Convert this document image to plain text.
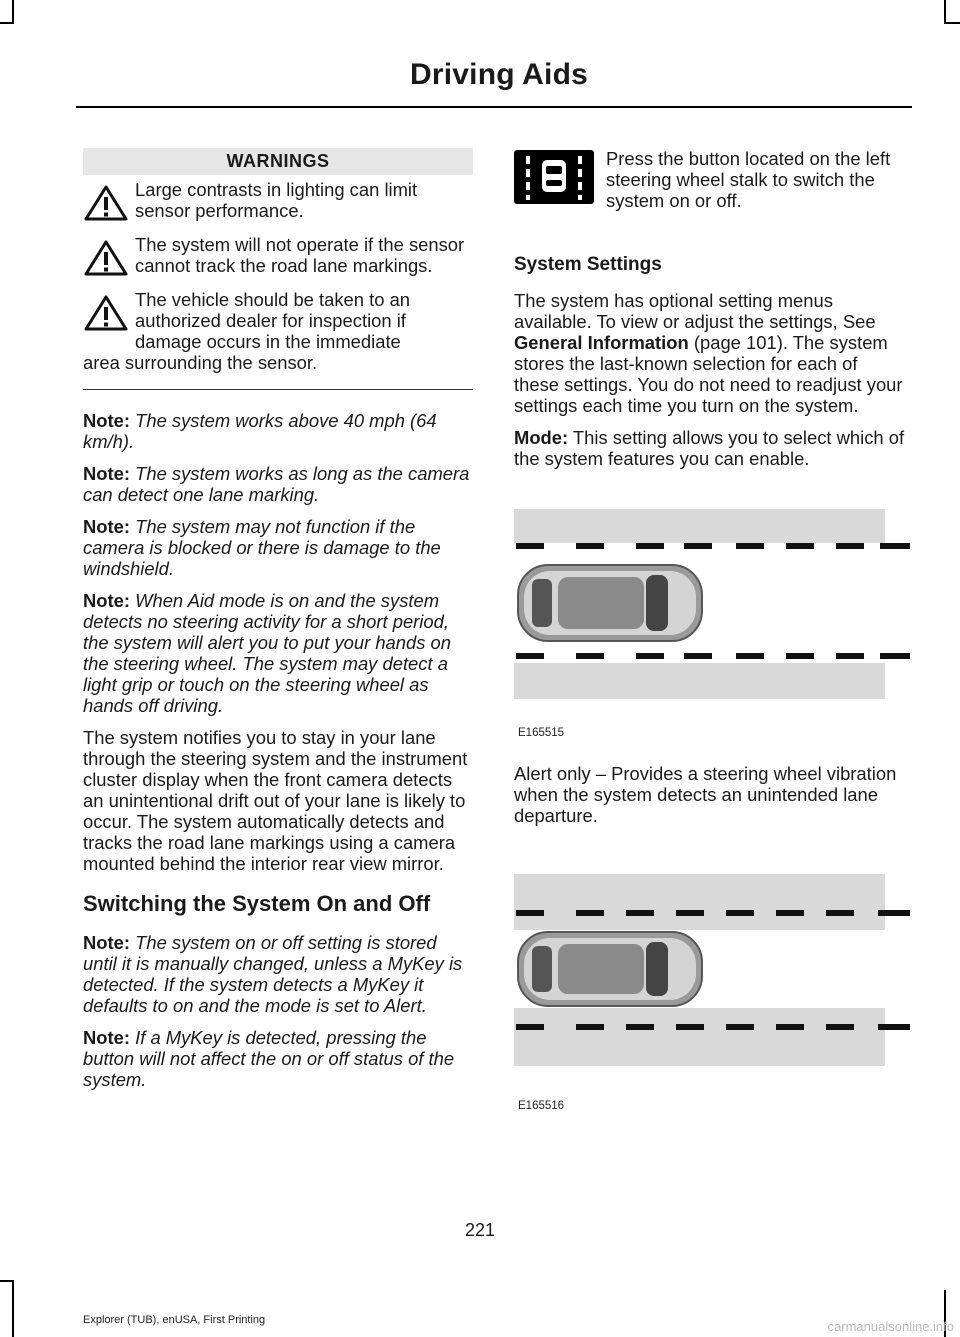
Driving Aids
WARNINGS
Large contrasts in lighting can limit sensor performance.
The system will not operate if the sensor cannot track the road lane markings.
The vehicle should be taken to an
authorized dealer for inspection if
damage occurs in the immediate
area surrounding the sensor.

Note: The system works above 40 mph (64 km/h).

Note: The system works as long as the camera can detect one lane marking.

Note: The system may not function if the camera is blocked or there is damage to the windshield.

Note: When Aid mode is on and the system detects no steering activity for a short period, the system will alert you to put your hands on the steering wheel. The system may detect a light grip or touch on the steering wheel as hands off driving.

The system notifies you to stay in your lane through the steering system and the instrument cluster display when the front camera detects an unintentional drift out of your lane is likely to occur. The system automatically detects and tracks the road lane markings using a camera mounted behind the interior rear view mirror.

Switching the System On and Off

Note: The system on or off setting is stored until it is manually changed, unless a MyKey is detected. If the system detects a MyKey it defaults to on and the mode is set to Alert.

Note: If a MyKey is detected, pressing the button will not affect the on or off status of the system.

Press the button located on the left steering wheel stalk to switch the system on or off.
System Settings

The system has optional setting menus available. To view or adjust the settings, See General Information (page 101). The system stores the last-known selection for each of these settings. You do not need to readjust your settings each time you turn on the system.

Mode: This setting allows you to select which of the system features you can enable.

E165515

Alert only – Provides a steering wheel vibration when the system detects an unintended lane departure.

E165516
221
Explorer (TUB), enUSA, First Printing	carmanualsonline.info
